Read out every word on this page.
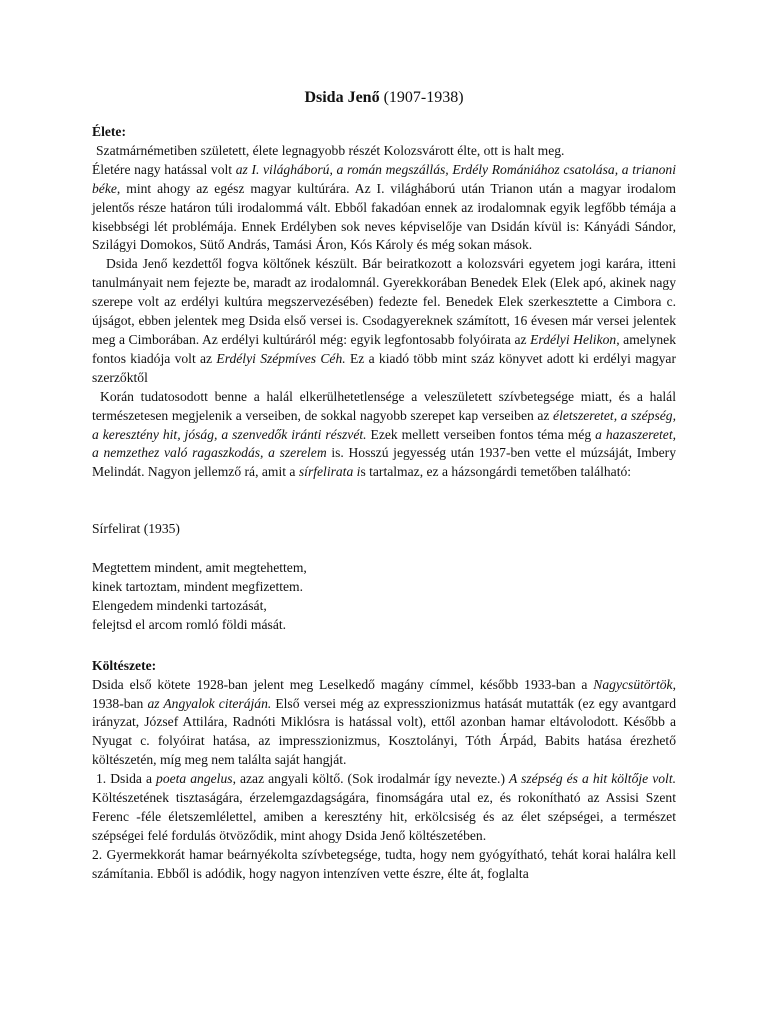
Dsida Jenő (1907-1938)

Élete:

Szatmárnémetiben született, élete legnagyobb részét Kolozsvárott élte, ott is halt meg.

Életére nagy hatással volt az I. világháború, a román megszállás, Erdély Romániához csatolása, a trianoni béke, mint ahogy az egész magyar kultúrára. Az I. világháború után Trianon után a magyar irodalom jelentős része határon túli irodalommá vált. Ebből fakadóan ennek az irodalomnak egyik legfőbb témája a kisebbségi lét problémája. Ennek Erdélyben sok neves képviselője van Dsidán kívül is: Kányádi Sándor, Szilágyi Domokos, Sütő András, Tamási Áron, Kós Károly és még sokan mások.

Dsida Jenő kezdettől fogva költőnek készült. Bár beiratkozott a kolozsvári egyetem jogi karára, itteni tanulmányait nem fejezte be, maradt az irodalomnál. Gyerekkorában Benedek Elek (Elek apó, akinek nagy szerepe volt az erdélyi kultúra megszervezésében) fedezte fel. Benedek Elek szerkesztette a Cimbora c. újságot, ebben jelentek meg Dsida első versei is. Csodagyereknek számított, 16 évesen már versei jelentek meg a Cimborában. Az erdélyi kultúráról még: egyik legfontosabb folyóirata az Erdélyi Helikon, amelynek fontos kiadója volt az Erdélyi Szépmíves Céh. Ez a kiadó több mint száz könyvet adott ki erdélyi magyar szerzőktől

Korán tudatosodott benne a halál elkerülhetetlensége a veleszületett szívbetegsége miatt, és a halál természetesen megjelenik a verseiben, de sokkal nagyobb szerepet kap verseiben az életszeretet, a szépség, a keresztény hit, jóság, a szenvedők iránti részvét. Ezek mellett verseiben fontos téma még a hazaszeretet, a nemzethez való ragaszkodás, a szerelem is. Hosszú jegyesség után 1937-ben vette el múzsáját, Imbery Melindát. Nagyon jellemző rá, amit a sírfelirata is tartalmaz, ez a házsongárdi temetőben található:

Sírfelirat (1935)

Megtettem mindent, amit megtehettem,

kinek tartoztam, mindent megfizettem.

Elengedem mindenki tartozását,

felejtsd el arcom romló földi mását.

Költészete:

Dsida első kötete 1928-ban jelent meg Leselkedő magány címmel, később 1933-ban a Nagycsütörtök, 1938-ban az Angyalok citeráján. Első versei még az expresszionizmus hatását mutatták (ez egy avantgard irányzat, József Attilára, Radnóti Miklósra is hatással volt), ettől azonban hamar eltávolodott. Később a Nyugat c. folyóirat hatása, az impresszionizmus, Kosztolányi, Tóth Árpád, Babits hatása érezhető költészetén, míg meg nem találta saját hangját.

1. Dsida a poeta angelus, azaz angyali költő. (Sok irodalmár így nevezte.) A szépség és a hit költője volt. Költészetének tisztaságára, érzelemgazdagságára, finomságára utal ez, és rokonítható az Assisi Szent Ferenc -féle életszemlélettel, amiben a keresztény hit, erkölcsiség és az élet szépségei, a természet szépségei felé fordulás ötvöződik, mint ahogy Dsida Jenő költészetében.

2. Gyermekkorát hamar beárnyékolta szívbetegsége, tudta, hogy nem gyógyítható, tehát korai halálra kell számítania. Ebből is adódik, hogy nagyon intenzíven vette észre, élte át, foglalta
